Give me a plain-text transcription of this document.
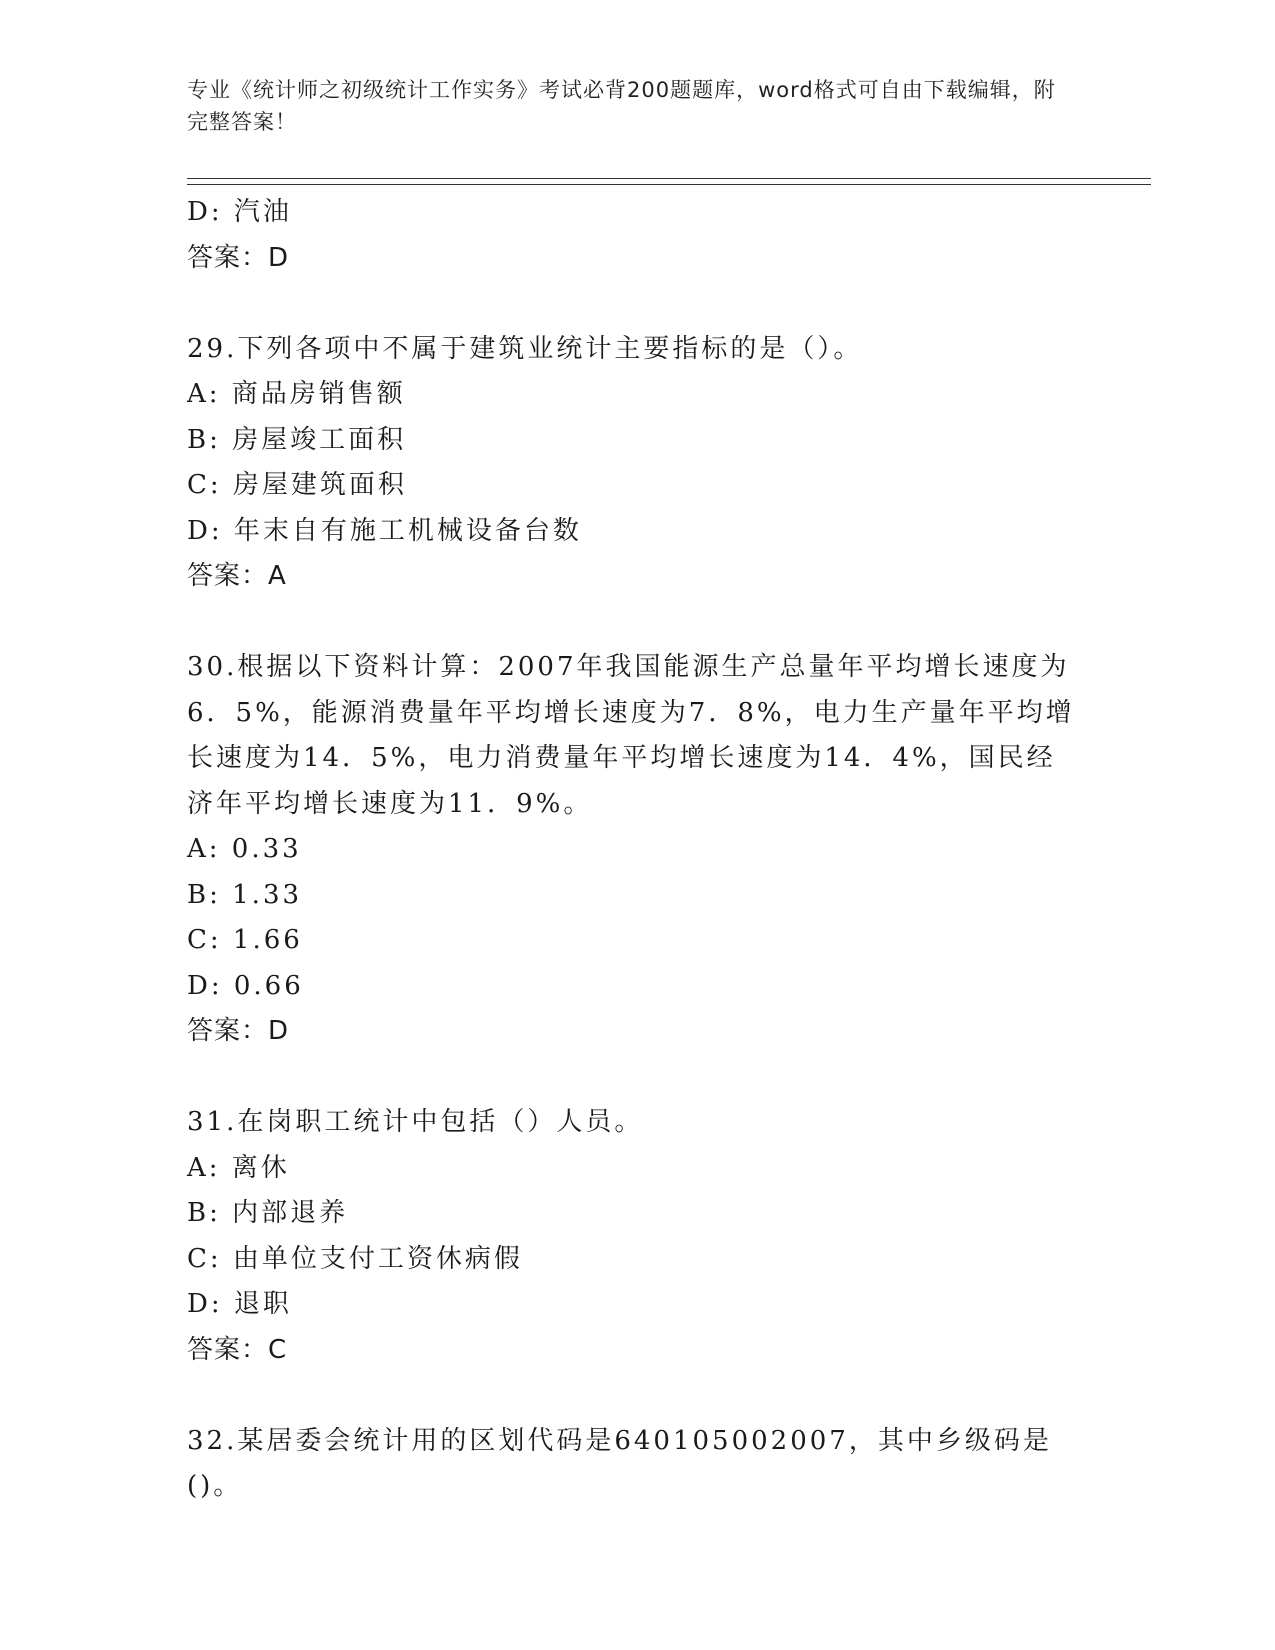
专业《统计师之初级统计工作实务》考试必背200题题库，word格式可自由下载编辑，附完整答案！
D: 汽油
答案：D
29.下列各项中不属于建筑业统计主要指标的是（）。
A: 商品房销售额
B: 房屋竣工面积
C: 房屋建筑面积
D: 年末自有施工机械设备台数
答案：A
30.根据以下资料计算：2007年我国能源生产总量年平均增长速度为6．5%，能源消费量年平均增长速度为7．8%，电力生产量年平均增长速度为14．5%，电力消费量年平均增长速度为14．4%，国民经济年平均增长速度为11．9%。
A: 0.33
B: 1.33
C: 1.66
D: 0.66
答案：D
31.在岗职工统计中包括（）人员。
A: 离休
B: 内部退养
C: 由单位支付工资休病假
D: 退职
答案：C
32.某居委会统计用的区划代码是640105002007，其中乡级码是()。
